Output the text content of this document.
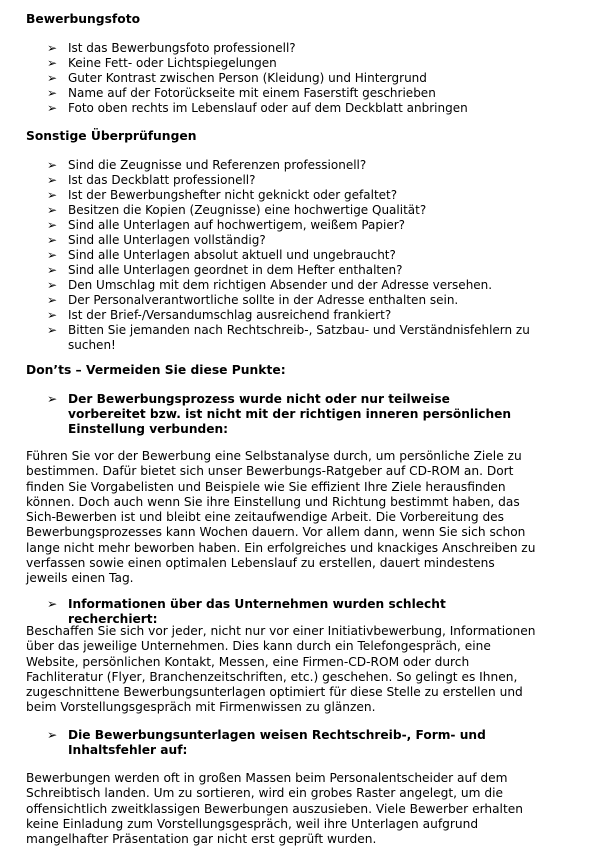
Bewerbungsfoto
➢ Ist das Bewerbungsfoto professionell?
➢ Keine Fett- oder Lichtspiegelungen
➢ Guter Kontrast zwischen Person (Kleidung) und Hintergrund
➢ Name auf der Fotorückseite mit einem Faserstift geschrieben
➢ Foto oben rechts im Lebenslauf oder auf dem Deckblatt anbringen
Sonstige Überprüfungen
➢ Sind die Zeugnisse und Referenzen professionell?
➢ Ist das Deckblatt professionell?
➢ Ist der Bewerbungshefter nicht geknickt oder gefaltet?
➢ Besitzen die Kopien (Zeugnisse) eine hochwertige Qualität?
➢ Sind alle Unterlagen auf hochwertigem, weißem Papier?
➢ Sind alle Unterlagen vollständig?
➢ Sind alle Unterlagen absolut aktuell und ungebraucht?
➢ Sind alle Unterlagen geordnet in dem Hefter enthalten?
➢ Den Umschlag mit dem richtigen Absender und der Adresse versehen.
➢ Der Personalverantwortliche sollte in der Adresse enthalten sein.
➢ Ist der Brief-/Versandumschlag ausreichend frankiert?
➢ Bitten Sie jemanden nach Rechtschreib-, Satzbau- und Verständnisfehlern zu suchen!
Don’ts – Vermeiden Sie diese Punkte:
➢ Der Bewerbungsprozess wurde nicht oder nur teilweise vorbereitet bzw. ist nicht mit der richtigen inneren persönlichen Einstellung verbunden:

Führen Sie vor der Bewerbung eine Selbstanalyse durch, um persönliche Ziele zu bestimmen. Dafür bietet sich unser Bewerbungs-Ratgeber auf CD-ROM an. Dort finden Sie Vorgabelisten und Beispiele wie Sie effizient Ihre Ziele herausfinden können. Doch auch wenn Sie ihre Einstellung und Richtung bestimmt haben, das Sich-Bewerben ist und bleibt eine zeitaufwendige Arbeit. Die Vorbereitung des Bewerbungsprozesses kann Wochen dauern. Vor allem dann, wenn Sie sich schon lange nicht mehr beworben haben. Ein erfolgreiches und knackiges Anschreiben zu verfassen sowie einen optimalen Lebenslauf zu erstellen, dauert mindestens jeweils einen Tag.

➢ Informationen über das Unternehmen wurden schlecht recherchiert:

Beschaffen Sie sich vor jeder, nicht nur vor einer Initiativbewerbung, Informationen über das jeweilige Unternehmen. Dies kann durch ein Telefongespräch, eine Website, persönlichen Kontakt, Messen, eine Firmen-CD-ROM oder durch Fachliteratur (Flyer, Branchenzeitschriften, etc.) geschehen. So gelingt es Ihnen, zugeschnittene Bewerbungsunterlagen optimiert für diese Stelle zu erstellen und beim Vorstellungsgespräch mit Firmenwissen zu glänzen.

➢ Die Bewerbungsunterlagen weisen Rechtschreib-, Form- und Inhaltsfehler auf:

Bewerbungen werden oft in großen Massen beim Personalentscheider auf dem Schreibtisch landen. Um zu sortieren, wird ein grobes Raster angelegt, um die offensichtlich zweitklassigen Bewerbungen auszusieben. Viele Bewerber erhalten keine Einladung zum Vorstellungsgespräch, weil ihre Unterlagen aufgrund mangelhafter Präsentation gar nicht erst geprüft wurden.
